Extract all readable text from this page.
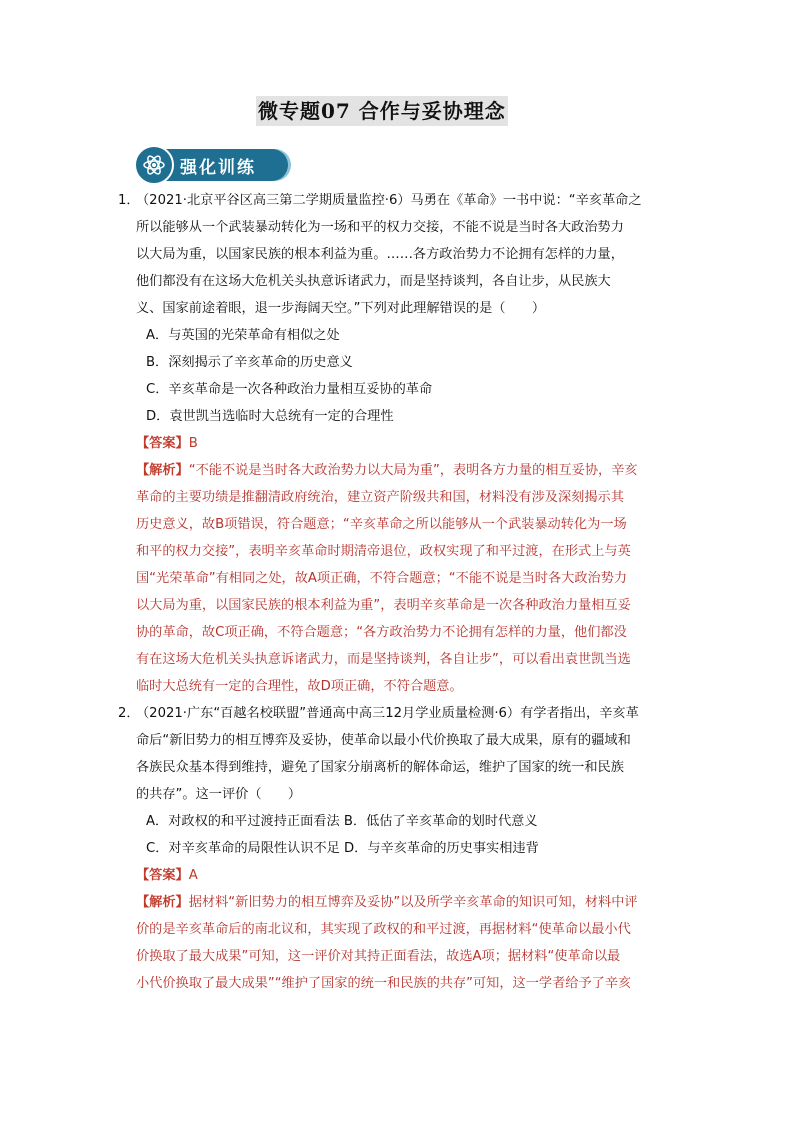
微专题07 合作与妥协理念
强化训练
1．（2021·北京平谷区高三第二学期质量监控·6）马勇在《革命》一书中说：“辛亥革命之
所以能够从一个武装暴动转化为一场和平的权力交接，不能不说是当时各大政治势力
以大局为重，以国家民族的根本利益为重。……各方政治势力不论拥有怎样的力量，
他们都没有在这场大危机关头执意诉诸武力，而是坚持谈判，各自让步，从民族大
义、国家前途着眼，退一步海阔天空。”下列对此理解错误的是（　　）
A．与英国的光荣革命有相似之处
B．深刻揭示了辛亥革命的历史意义
C．辛亥革命是一次各种政治力量相互妥协的革命
D．袁世凯当选临时大总统有一定的合理性
【答案】B
【解析】“不能不说是当时各大政治势力以大局为重”，表明各方力量的相互妥协，辛亥
革命的主要功绩是推翻清政府统治，建立资产阶级共和国，材料没有涉及深刻揭示其
历史意义，故B项错误，符合题意；“辛亥革命之所以能够从一个武装暴动转化为一场
和平的权力交接”，表明辛亥革命时期清帝退位，政权实现了和平过渡，在形式上与英
国“光荣革命”有相同之处，故A项正确，不符合题意；“不能不说是当时各大政治势力
以大局为重，以国家民族的根本利益为重”，表明辛亥革命是一次各种政治力量相互妥
协的革命，故C项正确，不符合题意；“各方政治势力不论拥有怎样的力量，他们都没
有在这场大危机关头执意诉诸武力，而是坚持谈判，各自让步”，可以看出袁世凯当选
临时大总统有一定的合理性，故D项正确，不符合题意。
2．（2021·广东“百越名校联盟”普通高中高三12月学业质量检测·6）有学者指出，辛亥革
命后“新旧势力的相互博弈及妥协，使革命以最小代价换取了最大成果，原有的疆域和
各族民众基本得到维持，避免了国家分崩离析的解体命运，维护了国家的统一和民族
的共存”。这一评价（　　）
A．对政权的和平过渡持正面看法 B．低估了辛亥革命的划时代意义
C．对辛亥革命的局限性认识不足 D．与辛亥革命的历史事实相违背
【答案】A
【解析】据材料“新旧势力的相互博弈及妥协”以及所学辛亥革命的知识可知，材料中评
价的是辛亥革命后的南北议和，其实现了政权的和平过渡，再据材料“使革命以最小代
价换取了最大成果”可知，这一评价对其持正面看法，故选A项；据材料“使革命以最
小代价换取了最大成果”“维护了国家的统一和民族的共存”可知，这一学者给予了辛亥
